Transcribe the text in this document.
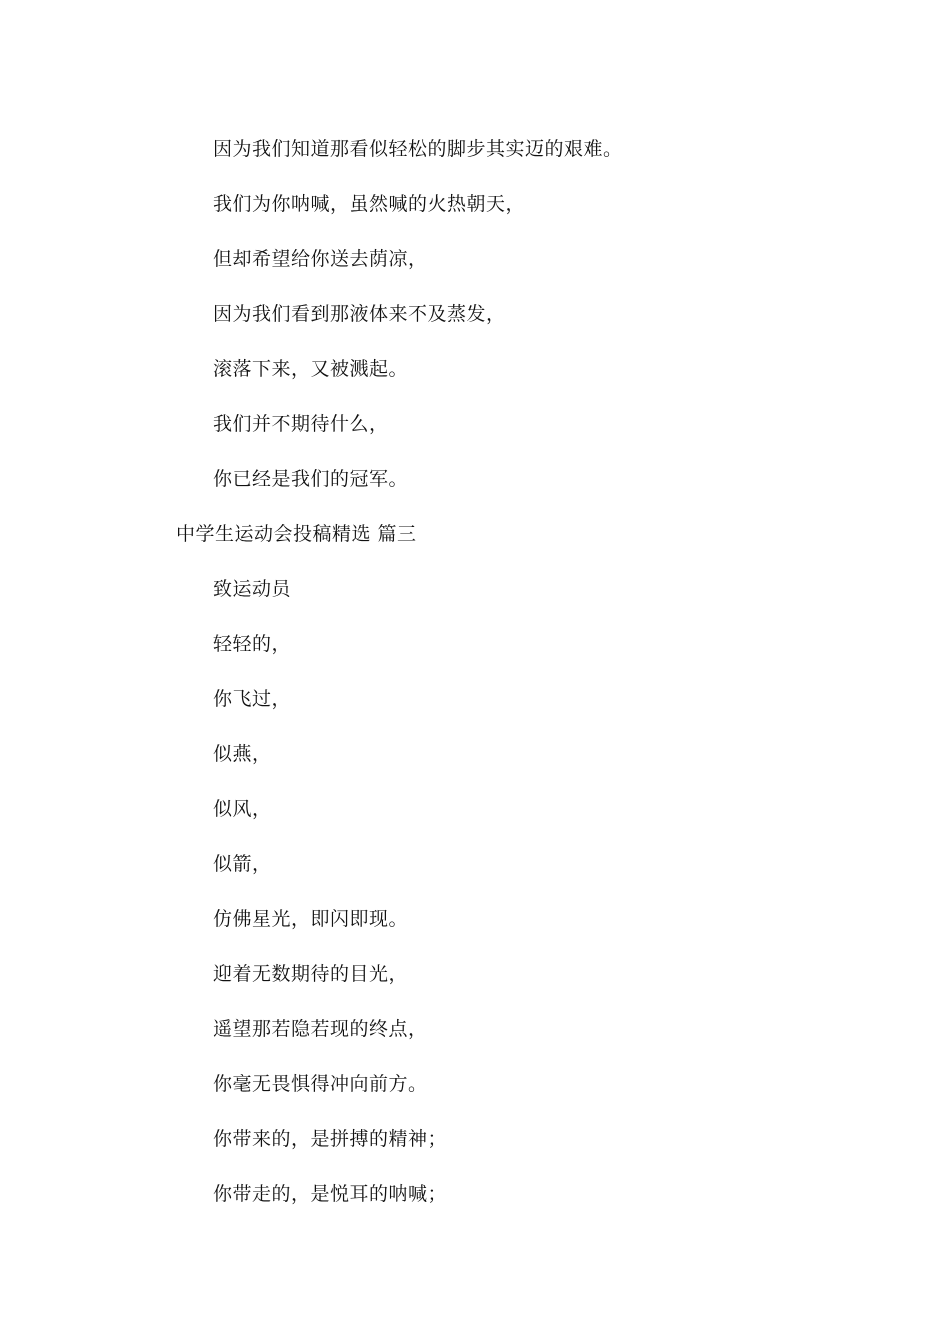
因为我们知道那看似轻松的脚步其实迈的艰难。
我们为你呐喊，虽然喊的火热朝天，
但却希望给你送去荫凉，
因为我们看到那液体来不及蒸发，
滚落下来，又被溅起。
我们并不期待什么，
你已经是我们的冠军。
中学生运动会投稿精选 篇三
致运动员
轻轻的，
你飞过，
似燕，
似风，
似箭，
仿佛星光，即闪即现。
迎着无数期待的目光，
遥望那若隐若现的终点，
你毫无畏惧得冲向前方。
你带来的，是拼搏的精神；
你带走的，是悦耳的呐喊；
